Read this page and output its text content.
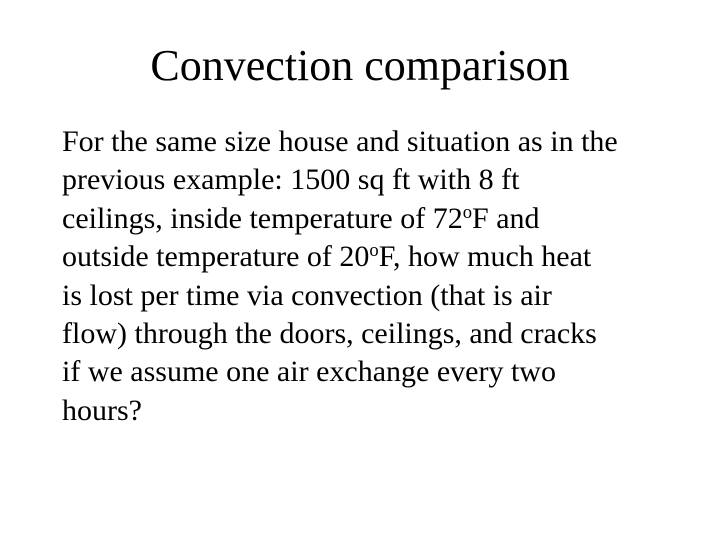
Convection comparison

For the same size house and situation as in the
previous example: 1500 sq ft with 8 ft
ceilings, inside temperature of 72$^o$F and
outside temperature of 20$^o$F, how much heat
is lost per time via convection (that is air
flow) through the doors, ceilings, and cracks
if we assume one air exchange every two
hours?
